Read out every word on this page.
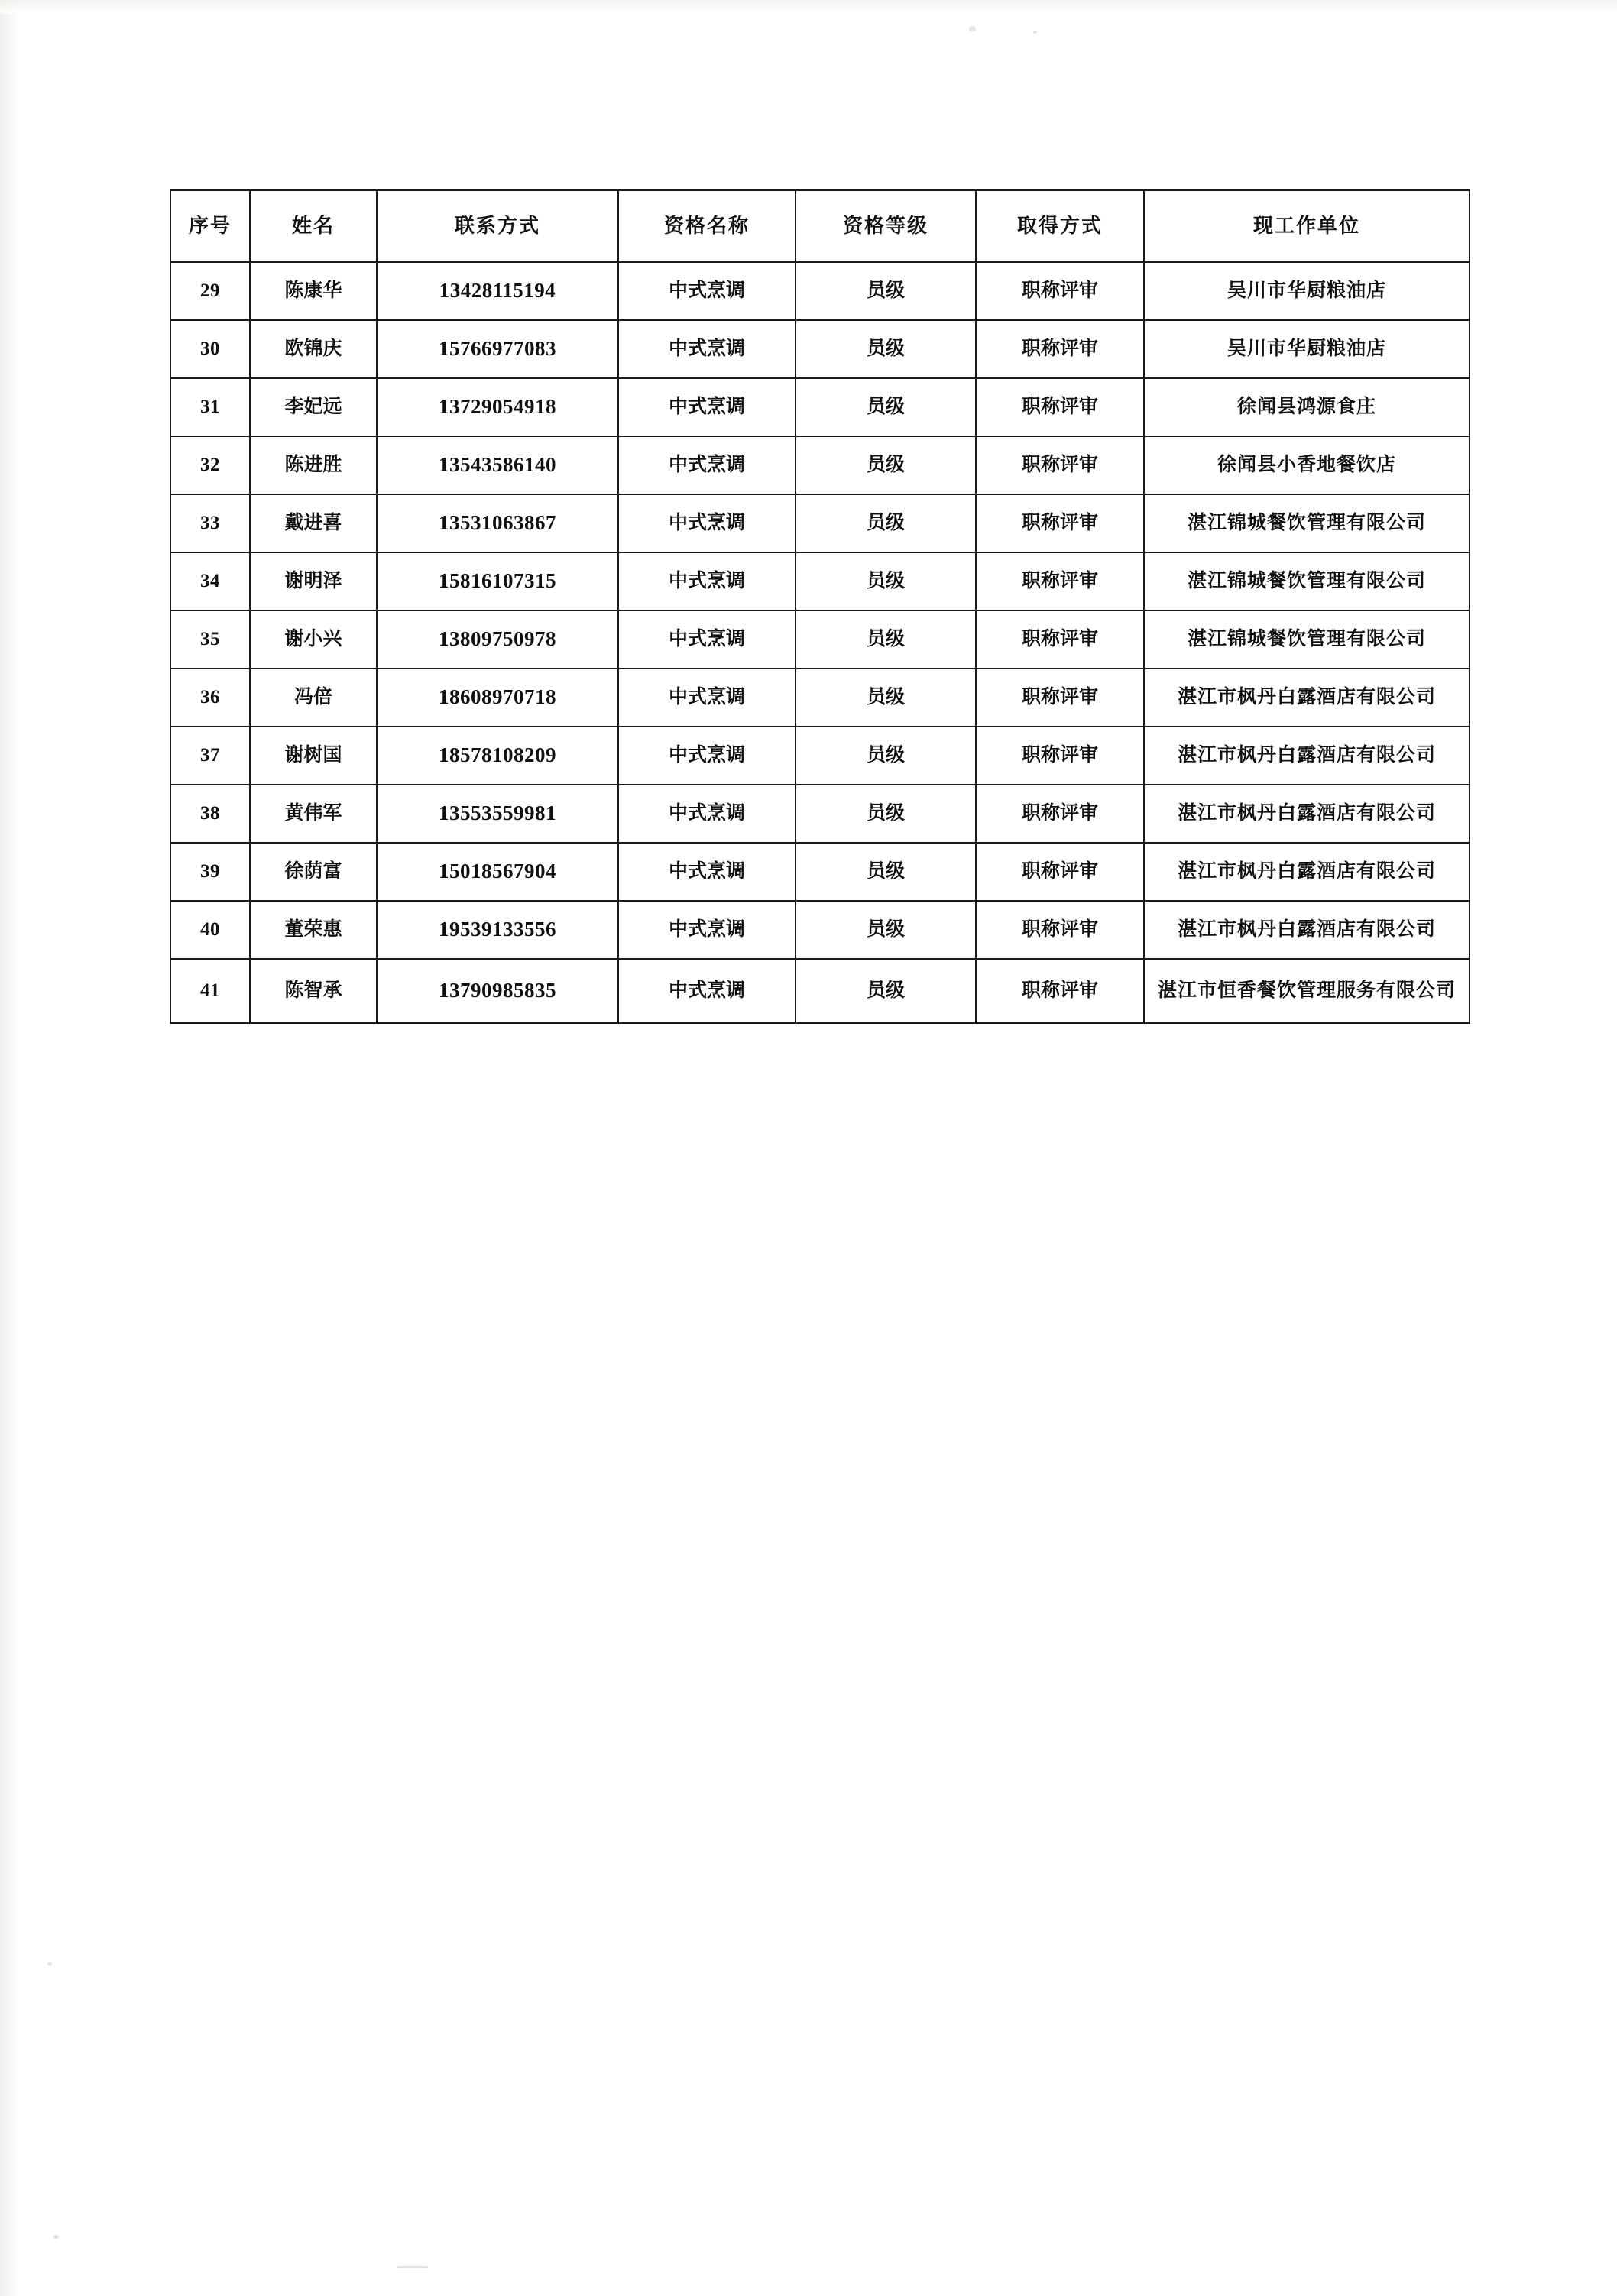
序号	姓名	联系方式	资格名称	资格等级	取得方式	现工作单位
29	陈康华	13428115194	中式烹调	员级	职称评审	吴川市华厨粮油店
30	欧锦庆	15766977083	中式烹调	员级	职称评审	吴川市华厨粮油店
31	李妃远	13729054918	中式烹调	员级	职称评审	徐闻县鸿源食庄
32	陈进胜	13543586140	中式烹调	员级	职称评审	徐闻县小香地餐饮店
33	戴进喜	13531063867	中式烹调	员级	职称评审	湛江锦城餐饮管理有限公司
34	谢明泽	15816107315	中式烹调	员级	职称评审	湛江锦城餐饮管理有限公司
35	谢小兴	13809750978	中式烹调	员级	职称评审	湛江锦城餐饮管理有限公司
36	冯倍	18608970718	中式烹调	员级	职称评审	湛江市枫丹白露酒店有限公司
37	谢树国	18578108209	中式烹调	员级	职称评审	湛江市枫丹白露酒店有限公司
38	黄伟军	13553559981	中式烹调	员级	职称评审	湛江市枫丹白露酒店有限公司
39	徐荫富	15018567904	中式烹调	员级	职称评审	湛江市枫丹白露酒店有限公司
40	董荣惠	19539133556	中式烹调	员级	职称评审	湛江市枫丹白露酒店有限公司
41	陈智承	13790985835	中式烹调	员级	职称评审	湛江市恒香餐饮管理服务有限公司
